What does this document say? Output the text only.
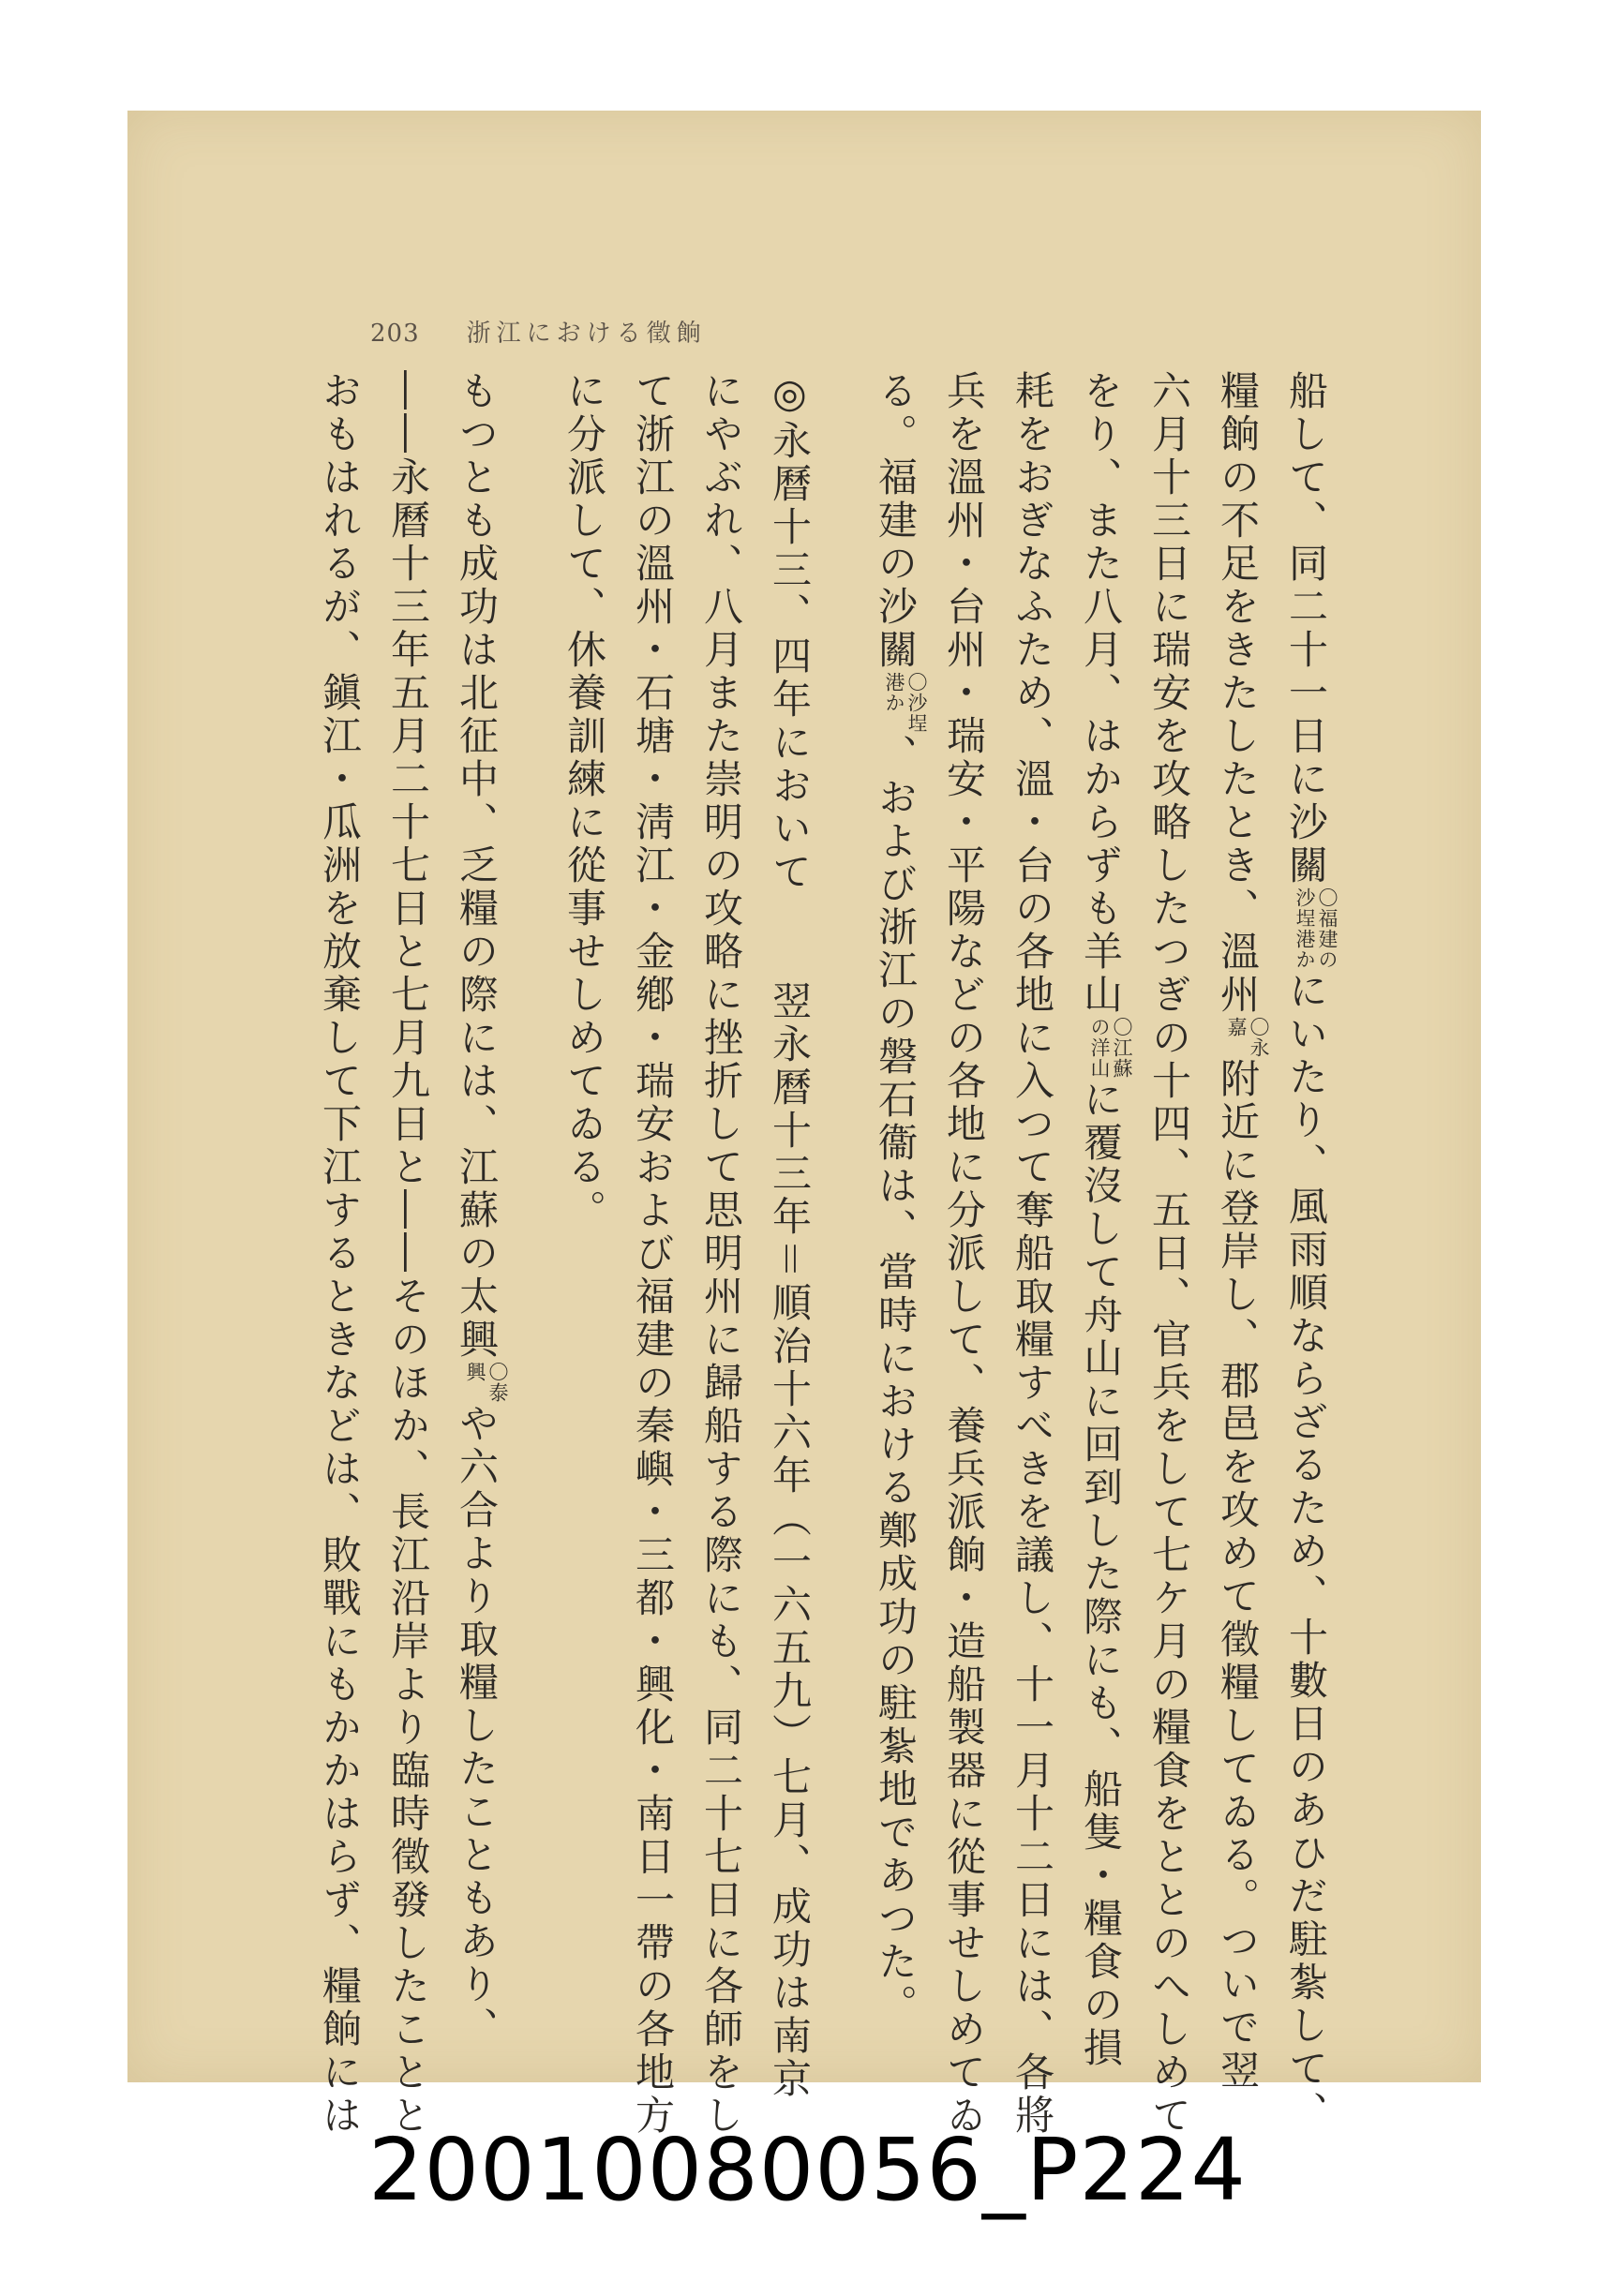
203 浙江における徵餉
船して、同二十一日に沙關
〇福建の
沙埕港か
にいたり、風雨順ならざるため、十數日のあひだ駐紮して、
糧餉の不足をきたしたとき、溫州
〇永
嘉
附近に登岸し、郡邑を攻めて徵糧してゐる。ついで翌
六月十三日に瑞安を攻略したつぎの十四、五日、官兵をして七ケ月の糧食をととのへしめて
をり、また八月、はからずも羊山
〇江蘇
の洋山
に覆沒して舟山に回到した際にも、船隻・糧食の損
耗をおぎなふため、溫・台の各地に入つて奪船取糧すべきを議し、十一月十二日には、各將
兵を溫州・台州・瑞安・平陽などの各地に分派して、養兵派餉・造船製器に從事せしめてゐ
る。福建の沙關
〇沙埕
港か
、および浙江の磐石衞は、當時における鄭成功の駐紮地であつた。
◎永曆十三、四年において　　翌永曆十三年＝順治十六年（一六五九）七月、成功は南京
にやぶれ、八月また崇明の攻略に挫折して思明州に歸船する際にも、同二十七日に各師をし
て浙江の溫州・石塘・淸江・金鄕・瑞安および福建の秦嶼・三都・興化・南日一帶の各地方
に分派して、休養訓練に從事せしめてゐる。
もつとも成功は北征中、乏糧の際には、江蘇の太興
〇泰
興
や六合より取糧したこともあり、
――永曆十三年五月二十七日と七月九日と――そのほか、長江沿岸より臨時徵發したことと
おもはれるが、鎭江・瓜洲を放棄して下江するときなどは、敗戰にもかかはらず、糧餉には
20010080056_P224
